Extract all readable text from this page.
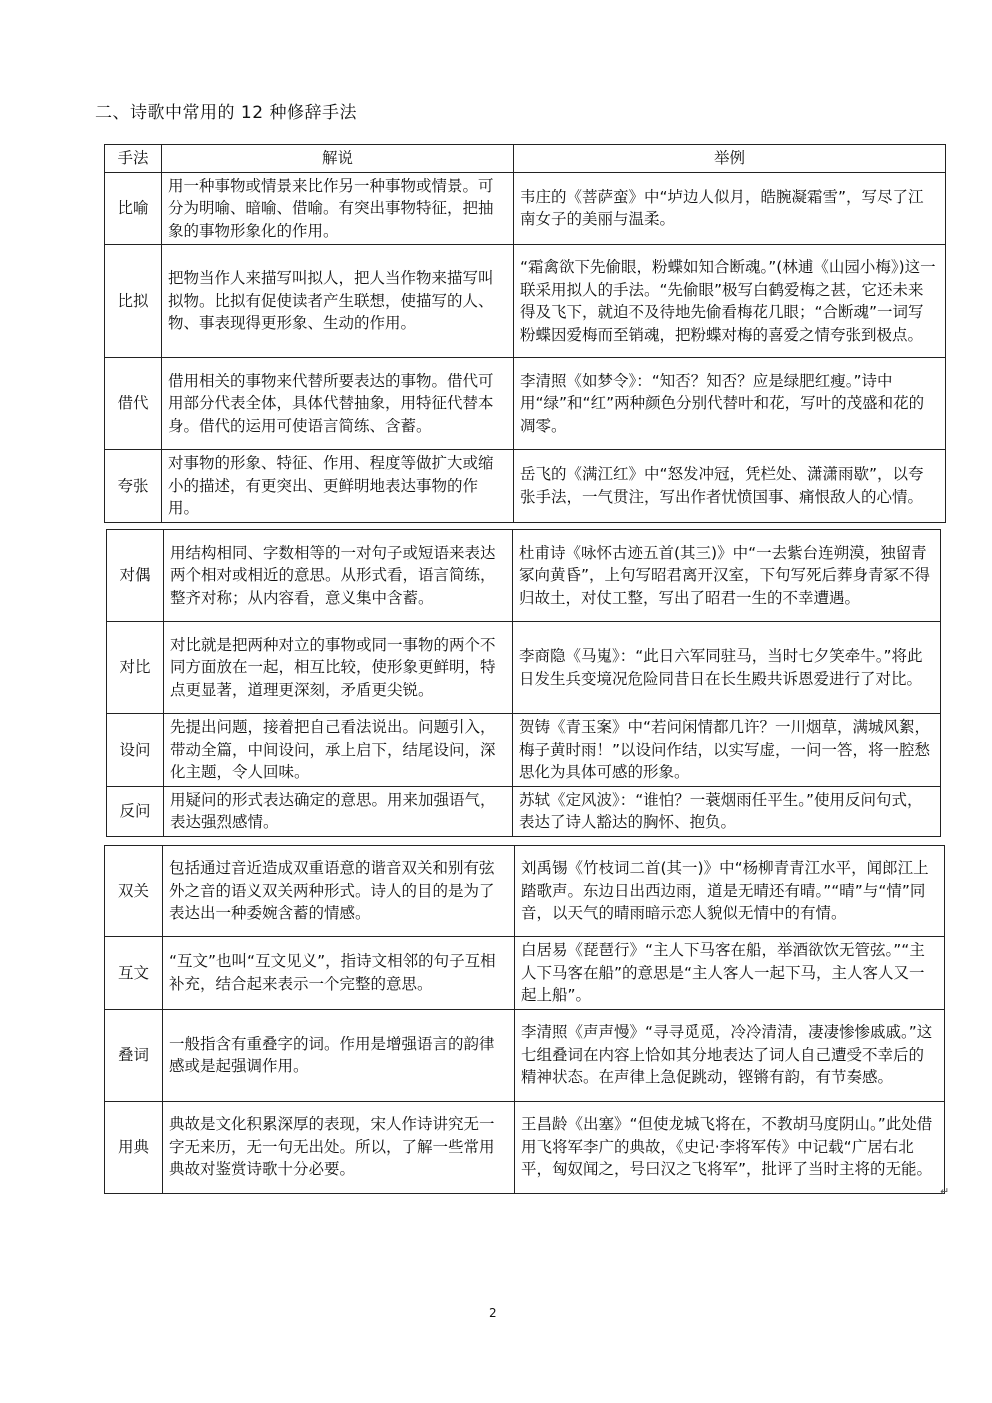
二、诗歌中常用的 12 种修辞手法
手法	解说	举例
比喻	用一种事物或情景来比作另一种事物或情景。可分为明喻、暗喻、借喻。有突出事物特征，把抽象的事物形象化的作用。	韦庄的《菩萨蛮》中“垆边人似月，皓腕凝霜雪”，写尽了江南女子的美丽与温柔。
比拟	把物当作人来描写叫拟人，把人当作物来描写叫拟物。比拟有促使读者产生联想，使描写的人、物、事表现得更形象、生动的作用。	“霜禽欲下先偷眼，粉蝶如知合断魂。”(林逋《山园小梅》)这一联采用拟人的手法。“先偷眼”极写白鹤爱梅之甚，它还未来得及飞下，就迫不及待地先偷看梅花几眼；“合断魂”一词写粉蝶因爱梅而至销魂，把粉蝶对梅的喜爱之情夸张到极点。
借代	借用相关的事物来代替所要表达的事物。借代可用部分代表全体，具体代替抽象，用特征代替本身。借代的运用可使语言简练、含蓄。	李清照《如梦令》：“知否？知否？应是绿肥红瘦。”诗中用“绿”和“红”两种颜色分别代替叶和花，写叶的茂盛和花的凋零。
夸张	对事物的形象、特征、作用、程度等做扩大或缩小的描述，有更突出、更鲜明地表达事物的作用。	岳飞的《满江红》中“怒发冲冠，凭栏处、潇潇雨歇”，以夸张手法，一气贯注，写出作者忧愤国事、痛恨敌人的心情。
对偶	用结构相同、字数相等的一对句子或短语来表达两个相对或相近的意思。从形式看，语言简练，整齐对称；从内容看，意义集中含蓄。	杜甫诗《咏怀古迹五首(其三)》中“一去紫台连朔漠，独留青冢向黄昏”，上句写昭君离开汉室，下句写死后葬身青冢不得归故土，对仗工整，写出了昭君一生的不幸遭遇。
对比	对比就是把两种对立的事物或同一事物的两个不同方面放在一起，相互比较，使形象更鲜明，特点更显著，道理更深刻，矛盾更尖锐。	李商隐《马嵬》：“此日六军同驻马，当时七夕笑牵牛。”将此日发生兵变境况危险同昔日在长生殿共诉恩爱进行了对比。
设问	先提出问题，接着把自己看法说出。问题引入，带动全篇，中间设问，承上启下，结尾设问，深化主题，令人回味。	贺铸《青玉案》中“若问闲情都几许？一川烟草，满城风絮，梅子黄时雨！”以设问作结，以实写虚，一问一答，将一腔愁思化为具体可感的形象。
反问	用疑问的形式表达确定的意思。用来加强语气，表达强烈感情。	苏轼《定风波》：“谁怕？一蓑烟雨任平生。”使用反问句式，表达了诗人豁达的胸怀、抱负。
双关	包括通过音近造成双重语意的谐音双关和别有弦外之音的语义双关两种形式。诗人的目的是为了表达出一种委婉含蓄的情感。	刘禹锡《竹枝词二首(其一)》中“杨柳青青江水平，闻郎江上踏歌声。东边日出西边雨，道是无晴还有晴。”“晴”与“情”同音，以天气的晴雨暗示恋人貌似无情中的有情。
互文	“互文”也叫“互文见义”，指诗文相邻的句子互相补充，结合起来表示一个完整的意思。	白居易《琵琶行》“主人下马客在船，举酒欲饮无管弦。”“主人下马客在船”的意思是“主人客人一起下马，主人客人又一起上船”。
叠词	一般指含有重叠字的词。作用是增强语言的韵律感或是起强调作用。	李清照《声声慢》“寻寻觅觅，冷冷清清，凄凄惨惨戚戚。”这七组叠词在内容上恰如其分地表达了词人自己遭受不幸后的精神状态。在声律上急促跳动，铿锵有韵，有节奏感。
用典	典故是文化积累深厚的表现，宋人作诗讲究无一字无来历，无一句无出处。所以，了解一些常用典故对鉴赏诗歌十分必要。	王昌龄《出塞》“但使龙城飞将在，不教胡马度阴山。”此处借用飞将军李广的典故，《史记·李将军传》中记载“广居右北平，匈奴闻之，号曰汉之飞将军”，批评了当时主将的无能。
↵
2
